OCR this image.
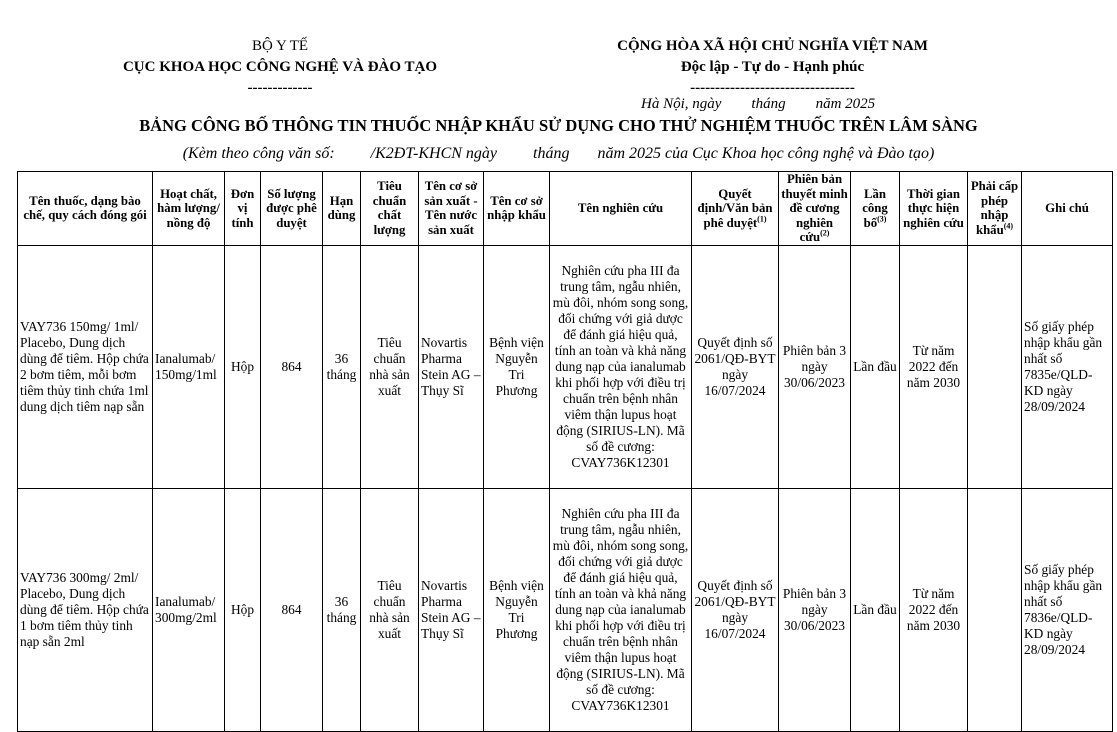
BỘ Y TẾ
CỤC KHOA HỌC CÔNG NGHỆ VÀ ĐÀO TẠO
-------------
CỘNG HÒA XÃ HỘI CHỦ NGHĨA VIỆT NAM
Độc lập - Tự do - Hạnh phúc
---------------------------------
Hà Nội, ngày        tháng        năm 2025
BẢNG CÔNG BỐ THÔNG TIN THUỐC NHẬP KHẨU SỬ DỤNG CHO THỬ NGHIỆM THUỐC TRÊN LÂM SÀNG
(Kèm theo công văn số:         /K2ĐT-KHCN ngày         tháng       năm 2025 của Cục Khoa học công nghệ và Đào tạo)
Tên thuốc, dạng bào chế, quy cách đóng gói	Hoạt chất, hàm lượng/ nồng độ	Đơn vị tính	Số lượng được phê duyệt	Hạn dùng	Tiêu chuẩn chất lượng	Tên cơ sở sản xuất - Tên nước sản xuất	Tên cơ sở nhập khẩu	Tên nghiên cứu	Quyết định/Văn bản phê duyệt$^{(1)}$	Phiên bản thuyết minh đề cương nghiên cứu$^{(2)}$	Lần công bố$^{(3)}$	Thời gian thực hiện nghiên cứu	Phải cấp phép nhập khẩu$^{(4)}$	Ghi chú
VAY736 150mg/ 1ml/ Placebo, Dung dịch dùng để tiêm. Hộp chứa 2 bơm tiêm, mỗi bơm tiêm thủy tinh chứa 1ml dung dịch tiêm nạp sẵn	Ianalumab/ 150mg/1ml	Hộp	864	36 tháng	Tiêu chuẩn nhà sản xuất	Novartis Pharma Stein AG – Thụy Sĩ	Bệnh viện Nguyễn Tri Phương	Nghiên cứu pha III đa trung tâm, ngẫu nhiên, mù đôi, nhóm song song, đối chứng với giả dược để đánh giá hiệu quả, tính an toàn và khả năng dung nạp của ianalumab khi phối hợp với điều trị chuẩn trên bệnh nhân viêm thận lupus hoạt động (SIRIUS-LN). Mã số đề cương: CVAY736K12301	Quyết định số 2061/QĐ-BYT ngày 16/07/2024	Phiên bản 3 ngày 30/06/2023	Lần đầu	Từ năm 2022 đến năm 2030		Số giấy phép nhập khẩu gần nhất số 7835e/QLD-KD ngày 28/09/2024
VAY736 300mg/ 2ml/ Placebo, Dung dịch dùng để tiêm. Hộp chứa 1 bơm tiêm thủy tinh nạp sẵn 2ml	Ianalumab/ 300mg/2ml	Hộp	864	36 tháng	Tiêu chuẩn nhà sản xuất	Novartis Pharma Stein AG – Thụy Sĩ	Bệnh viện Nguyễn Tri Phương	Nghiên cứu pha III đa trung tâm, ngẫu nhiên, mù đôi, nhóm song song, đối chứng với giả dược để đánh giá hiệu quả, tính an toàn và khả năng dung nạp của ianalumab khi phối hợp với điều trị chuẩn trên bệnh nhân viêm thận lupus hoạt động (SIRIUS-LN). Mã số đề cương: CVAY736K12301	Quyết định số 2061/QĐ-BYT ngày 16/07/2024	Phiên bản 3 ngày 30/06/2023	Lần đầu	Từ năm 2022 đến năm 2030		Số giấy phép nhập khẩu gần nhất số 7836e/QLD-KD ngày 28/09/2024
